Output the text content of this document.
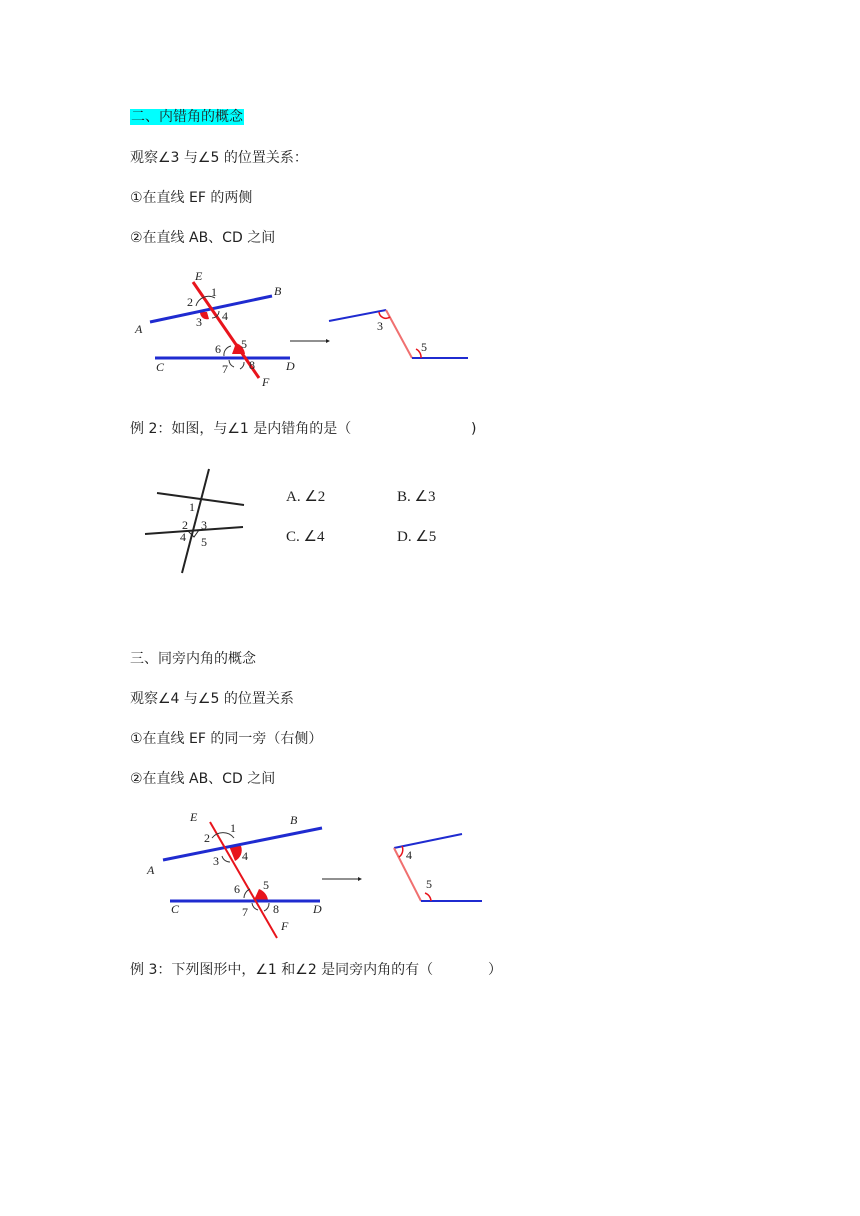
二、内错角的概念
观察∠3 与∠5 的位置关系：
①在直线 EF 的两侧
②在直线 AB、CD 之间
E
B
A
C	D
F
1
2
3 4
5
6
7 8
3
5
例 2：如图，与∠1 是内错角的是（	)
1
2 3
4 5
A. ∠2	B. ∠3
C. ∠4	D. ∠5
三、同旁内角的概念
观察∠4 与∠5 的位置关系
①在直线 EF 的同一旁（右侧）
②在直线 AB、CD 之间
E	B
A
C	D
F
1
2
3 4
5
6
7 8
4
5
例 3：下列图形中，∠1 和∠2 是同旁内角的有（	）
